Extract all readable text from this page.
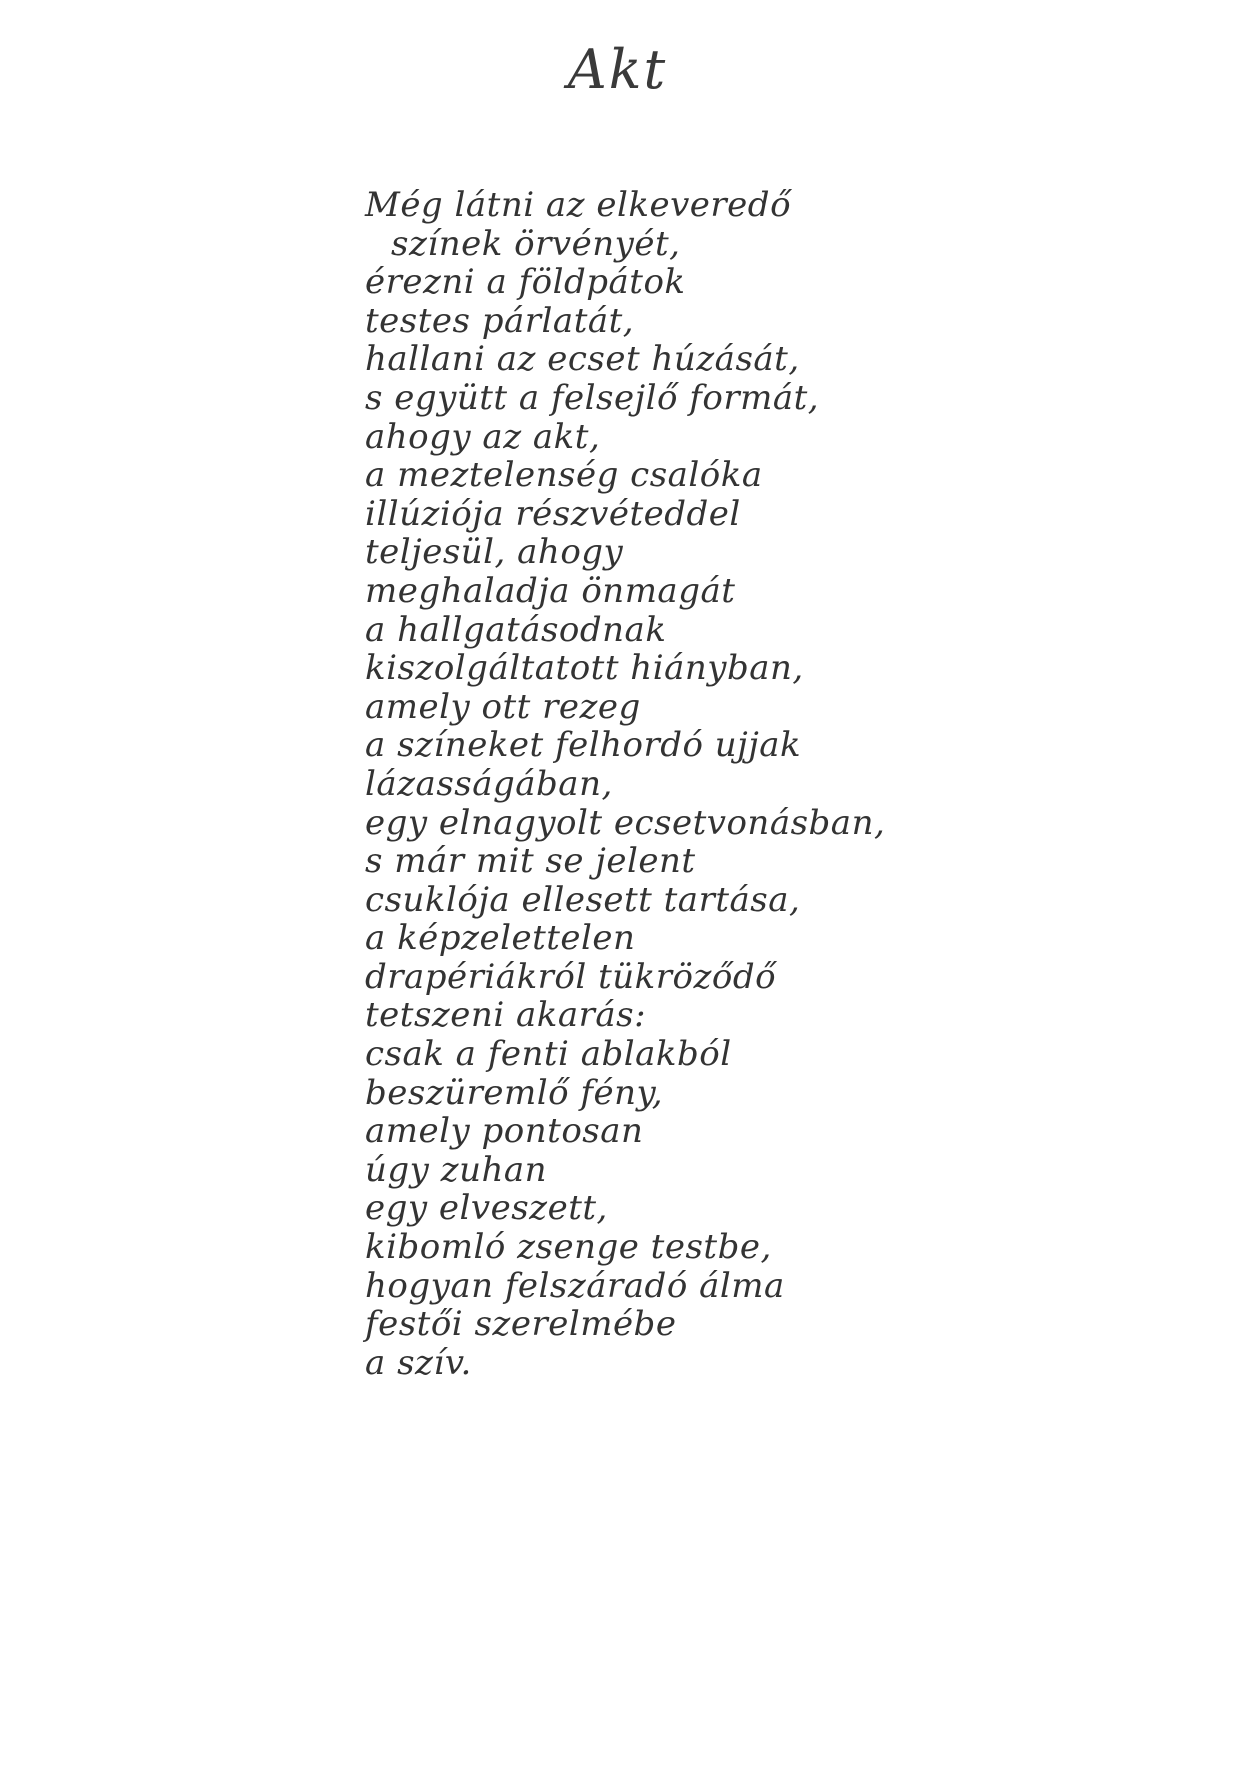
Akt
Még látni az elkeveredő
színek örvényét,
érezni a földpátok
testes párlatát,
hallani az ecset húzását,
s együtt a felsejlő formát,
ahogy az akt,
a meztelenség csalóka
illúziója részvéteddel
teljesül, ahogy
meghaladja önmagát
a hallgatásodnak
kiszolgáltatott hiányban,
amely ott rezeg
a színeket felhordó ujjak
lázasságában,
egy elnagyolt ecsetvonásban,
s már mit se jelent
csuklója ellesett tartása,
a képzelettelen
drapériákról tükröződő
tetszeni akarás:
csak a fenti ablakból
beszüremlő fény,
amely pontosan
úgy zuhan
egy elveszett,
kibomló zsenge testbe,
hogyan felszáradó álma
festői szerelmébe
a szív.
